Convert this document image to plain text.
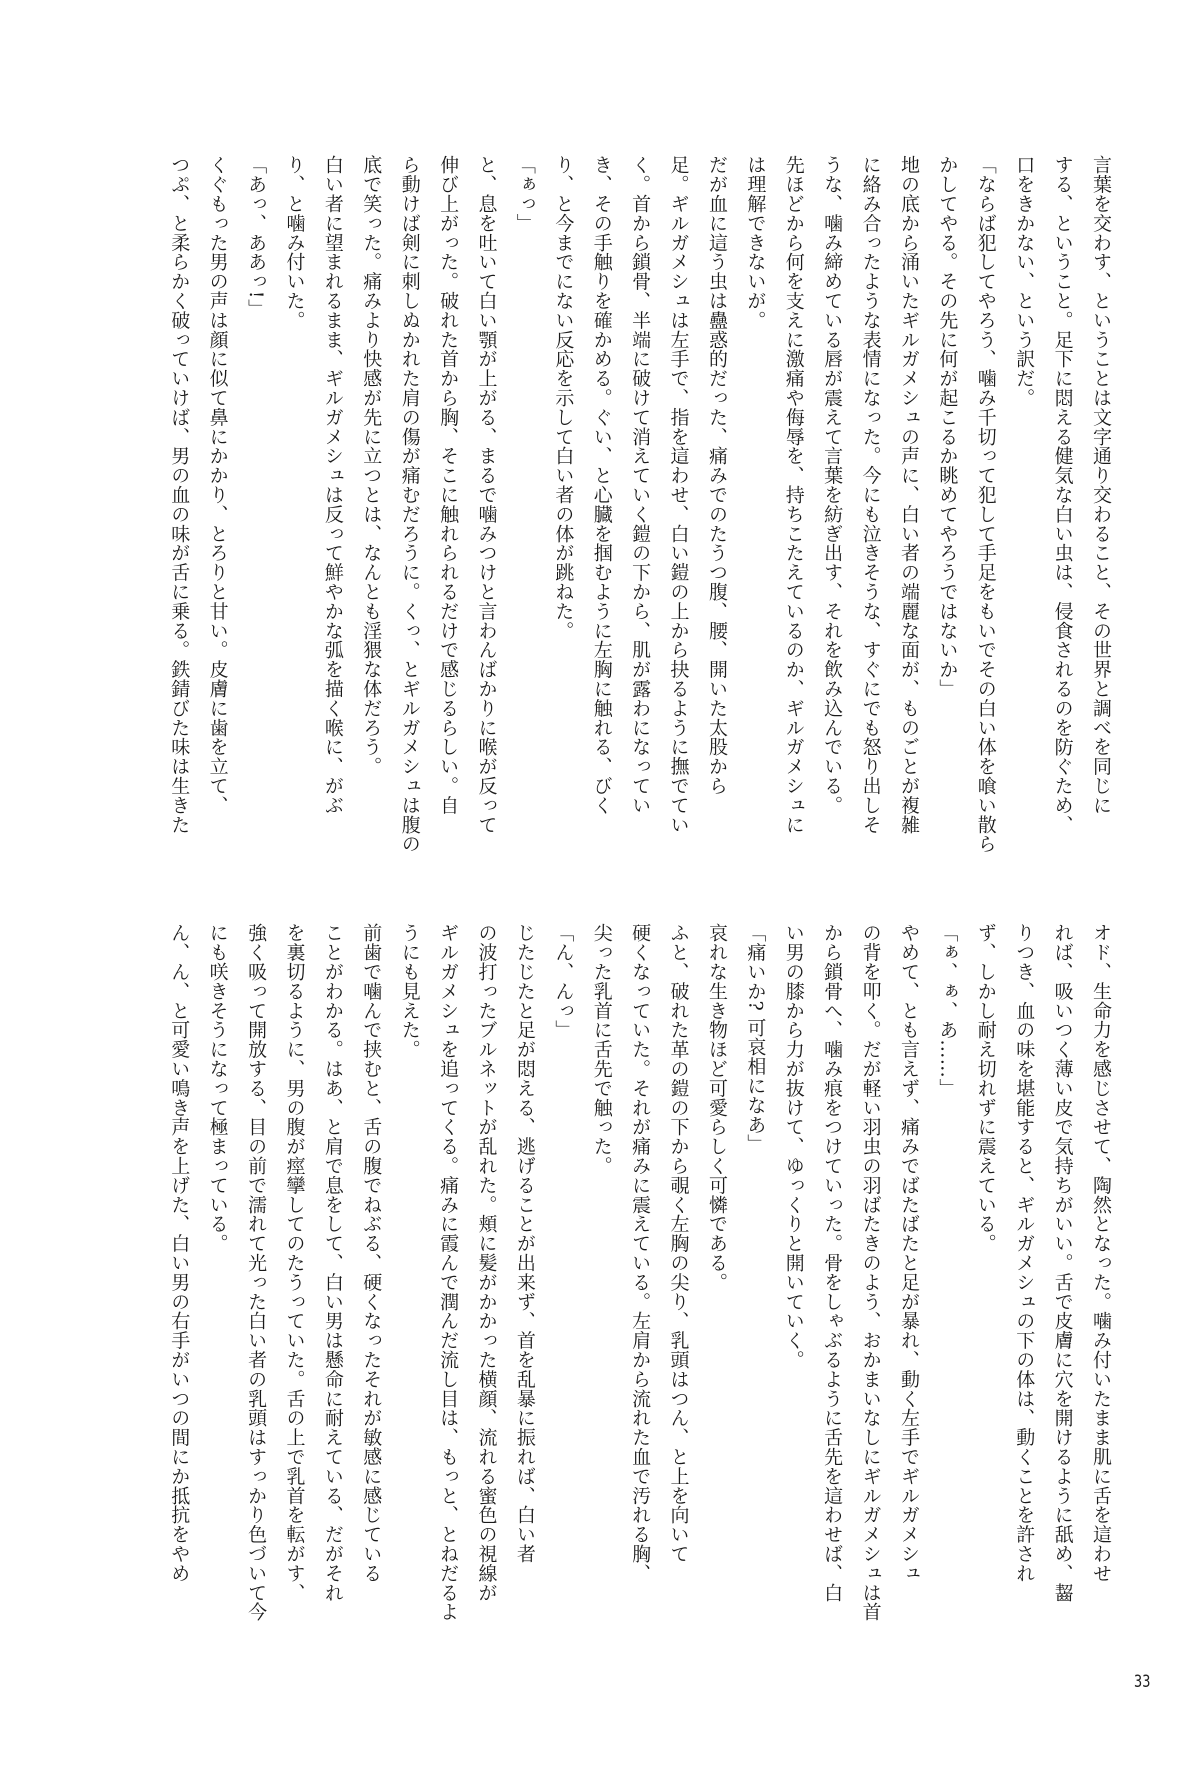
言葉を交わす、ということは文字通り交わること、その世界と調べを同じに
する、ということ。足下に悶える健気な白い虫は、侵食されるのを防ぐため、
口をきかない、という訳だ。
「ならば犯してやろう、噛み千切って犯して手足をもいでその白い体を喰い散ら
かしてやる。その先に何が起こるか眺めてやろうではないか」
地の底から涌いたギルガメシュの声に、白い者の端麗な面が、ものごとが複雑
に絡み合ったような表情になった。今にも泣きそうな、すぐにでも怒り出しそ
うな、噛み締めている唇が震えて言葉を紡ぎ出す、それを飲み込んでいる。
先ほどから何を支えに激痛や侮辱を、持ちこたえているのか、ギルガメシュに
は理解できないが。
だが血に這う虫は蠱惑的だった、痛みでのたうつ腹、腰、開いた太股から
足。ギルガメシュは左手で、指を這わせ、白い鎧の上から抉るように撫でてい
く。首から鎖骨、半端に破けて消えていく鎧の下から、肌が露わになってい
き、その手触りを確かめる。ぐい、と心臓を掴むように左胸に触れる、びく
り、と今までにない反応を示して白い者の体が跳ねた。
「ぁっ」
と、息を吐いて白い顎が上がる、まるで噛みつけと言わんばかりに喉が反って
伸び上がった。破れた首から胸、そこに触れられるだけで感じるらしい。自
ら動けば剣に刺しぬかれた肩の傷が痛むだろうに。くっ、とギルガメシュは腹の
底で笑った。痛みより快感が先に立つとは、なんとも淫猥な体だろう。
白い者に望まれるまま、ギルガメシュは反って鮮やかな弧を描く喉に、がぶ
り、と噛み付いた。
「あっ、ああっ!」
くぐもった男の声は顔に似て鼻にかかり、とろりと甘い。皮膚に歯を立て、
つぷ、と柔らかく破っていけば、男の血の味が舌に乗る。鉄錆びた味は生きた
オド、生命力を感じさせて、陶然となった。噛み付いたまま肌に舌を這わせ
れば、吸いつく薄い皮で気持ちがいい。舌で皮膚に穴を開けるように舐め、齧
りつき、血の味を堪能すると、ギルガメシュの下の体は、動くことを許され
ず、しかし耐え切れずに震えている。
「ぁ、ぁ、あ……」
やめて、とも言えず、痛みでばたばたと足が暴れ、動く左手でギルガメシュ
の背を叩く。だが軽い羽虫の羽ばたきのよう、おかまいなしにギルガメシュは首
から鎖骨へ、噛み痕をつけていった。骨をしゃぶるように舌先を這わせば、白
い男の膝から力が抜けて、ゆっくりと開いていく。
「痛いか? 可哀相になあ」
哀れな生き物ほど可愛らしく可憐である。
ふと、破れた革の鎧の下から覗く左胸の尖り、乳頭はつん、と上を向いて
硬くなっていた。それが痛みに震えている。左肩から流れた血で汚れる胸、
尖った乳首に舌先で触った。
「ん、んっ」
じたじたと足が悶える、逃げることが出来ず、首を乱暴に振れば、白い者
の波打ったブルネットが乱れた。頬に髪がかかった横顔、流れる蜜色の視線が
ギルガメシュを追ってくる。痛みに霞んで潤んだ流し目は、もっと、とねだるよ
うにも見えた。
前歯で噛んで挟むと、舌の腹でねぶる、硬くなったそれが敏感に感じている
ことがわかる。はあ、と肩で息をして、白い男は懸命に耐えている、だがそれ
を裏切るように、男の腹が痙攣してのたうっていた。舌の上で乳首を転がす、
強く吸って開放する、目の前で濡れて光った白い者の乳頭はすっかり色づいて今
にも咲きそうになって極まっている。
ん、ん、と可愛い鳴き声を上げた、白い男の右手がいつの間にか抵抗をやめ
33
